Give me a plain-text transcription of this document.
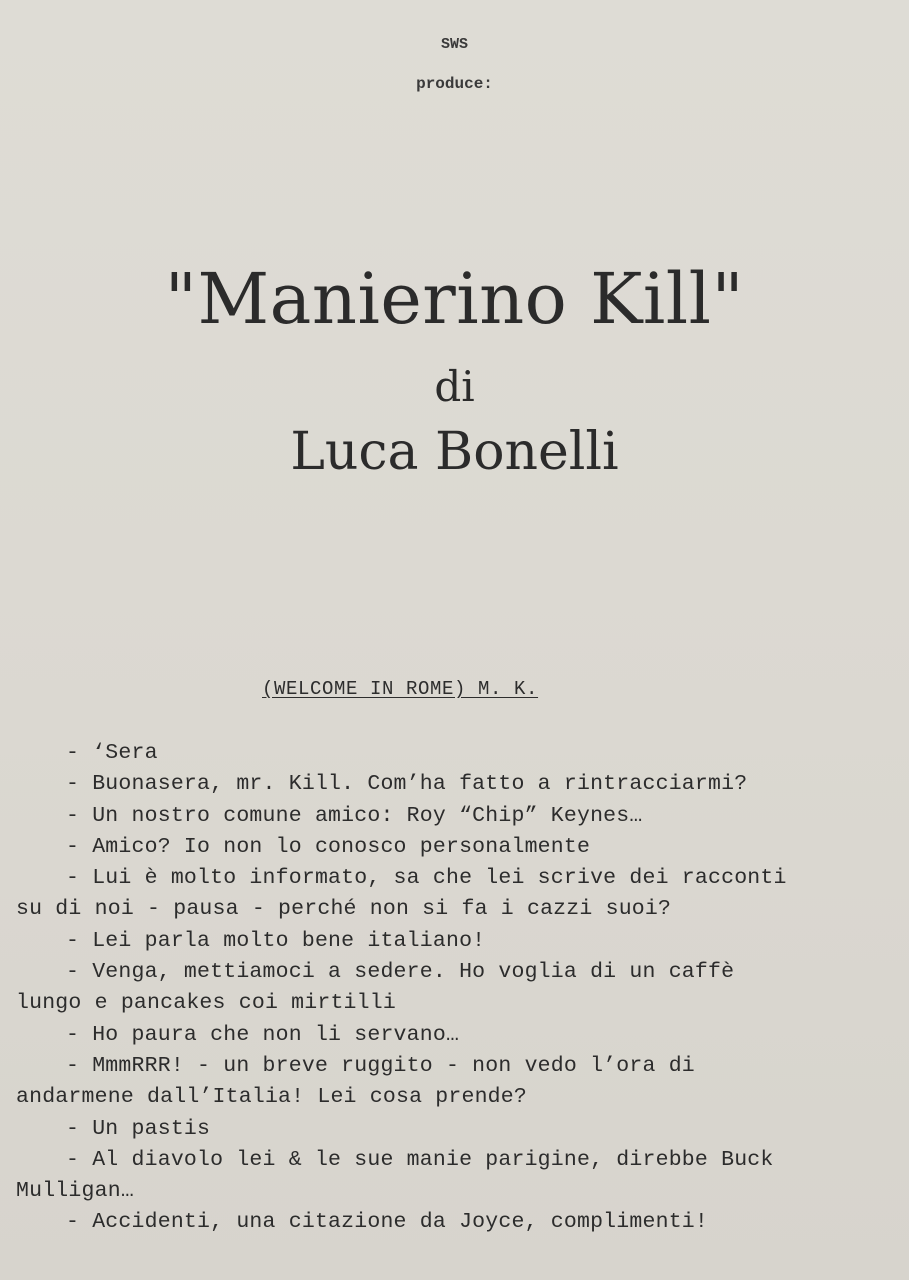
SWS
produce:
"Manierino Kill"
di
Luca Bonelli
(WELCOME IN ROME) M. K.
- ‘Sera
- Buonasera, mr. Kill. Com’ha fatto a rintracciarmi?
- Un nostro comune amico: Roy “Chip” Keynes…
- Amico? Io non lo conosco personalmente
- Lui è molto informato, sa che lei scrive dei racconti
su di noi - pausa - perché non si fa i cazzi suoi?
- Lei parla molto bene italiano!
- Venga, mettiamoci a sedere. Ho voglia di un caffè
lungo e pancakes coi mirtilli
- Ho paura che non li servano…
- MmmRRR! - un breve ruggito - non vedo l’ora di
andarmene dall’Italia! Lei cosa prende?
- Un pastis
- Al diavolo lei & le sue manie parigine, direbbe Buck
Mulligan…
- Accidenti, una citazione da Joyce, complimenti!
